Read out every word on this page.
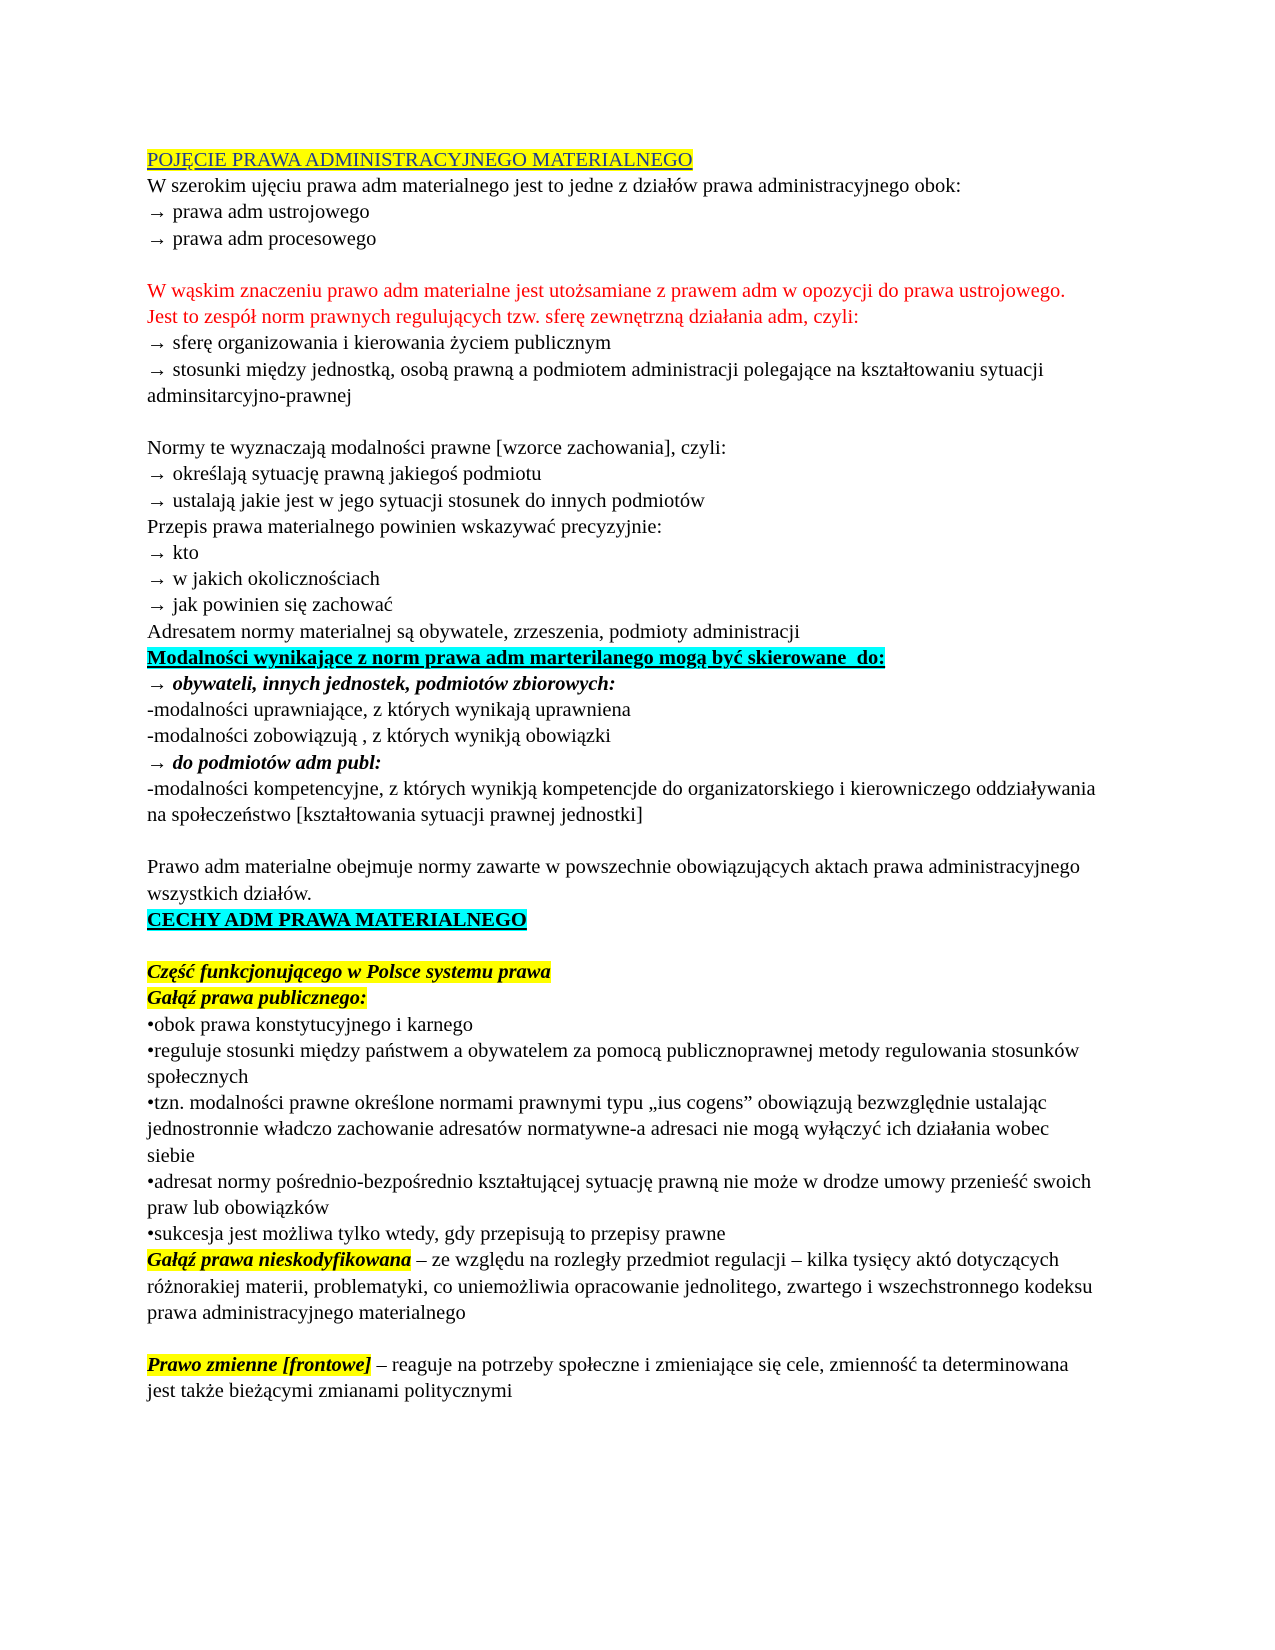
POJĘCIE PRAWA ADMINISTRACYJNEGO MATERIALNEGO
W szerokim ujęciu prawa adm materialnego jest to jedne z działów prawa administracyjnego obok:
→ prawa adm ustrojowego
→ prawa adm procesowego
W wąskim znaczeniu prawo adm materialne jest utożsamiane z prawem adm w opozycji do prawa ustrojowego.
Jest to zespół norm prawnych regulujących tzw. sferę zewnętrzną działania adm, czyli:
→ sferę organizowania i kierowania życiem publicznym
→ stosunki między jednostką, osobą prawną a podmiotem administracji polegające na kształtowaniu sytuacji adminsitarcyjno-prawnej
Normy te wyznaczają modalności prawne [wzorce zachowania], czyli:
→ określają sytuację prawną jakiegoś podmiotu
→ ustalają jakie jest w jego sytuacji stosunek do innych podmiotów
Przepis prawa materialnego powinien wskazywać precyzyjnie:
→ kto
→ w jakich okolicznościach
→ jak powinien się zachować
Adresatem normy materialnej są obywatele, zrzeszenia, podmioty administracji
Modalności wynikające z norm prawa adm marterilanego mogą być skierowane  do:
→ obywateli, innych jednostek, podmiotów zbiorowych:
-modalności uprawniające, z których wynikają uprawniena
-modalności zobowiązują , z których wynikją obowiązki
→ do podmiotów adm publ:
-modalności kompetencyjne, z których wynikją kompetencjde do organizatorskiego i kierowniczego oddziaływania na społeczeństwo [kształtowania sytuacji prawnej jednostki]
Prawo adm materialne obejmuje normy zawarte w powszechnie obowiązujących aktach prawa administracyjnego wszystkich działów.
CECHY ADM PRAWA MATERIALNEGO
Część funkcjonującego w Polsce systemu prawa
Gałąź prawa publicznego:
•obok prawa konstytucyjnego i karnego
•reguluje stosunki między państwem a obywatelem za pomocą publicznoprawnej metody regulowania stosunków społecznych
•tzn. modalności prawne określone normami prawnymi typu „ius cogens” obowiązują bezwzględnie ustalając jednostronnie władczo zachowanie adresatów normatywne-a adresaci nie mogą wyłączyć ich działania wobec siebie
•adresat normy pośrednio-bezpośrednio kształtującej sytuację prawną nie może w drodze umowy przenieść swoich praw lub obowiązków
•sukcesja jest możliwa tylko wtedy, gdy przepisują to przepisy prawne
Gałąź prawa nieskodyfikowana – ze względu na rozległy przedmiot regulacji – kilka tysięcy aktó dotyczących różnorakiej materii, problematyki, co uniemożliwia opracowanie jednolitego, zwartego i wszechstronnego kodeksu prawa administracyjnego materialnego
Prawo zmienne [frontowe] – reaguje na potrzeby społeczne i zmieniające się cele, zmienność ta determinowana jest także bieżącymi zmianami politycznymi
